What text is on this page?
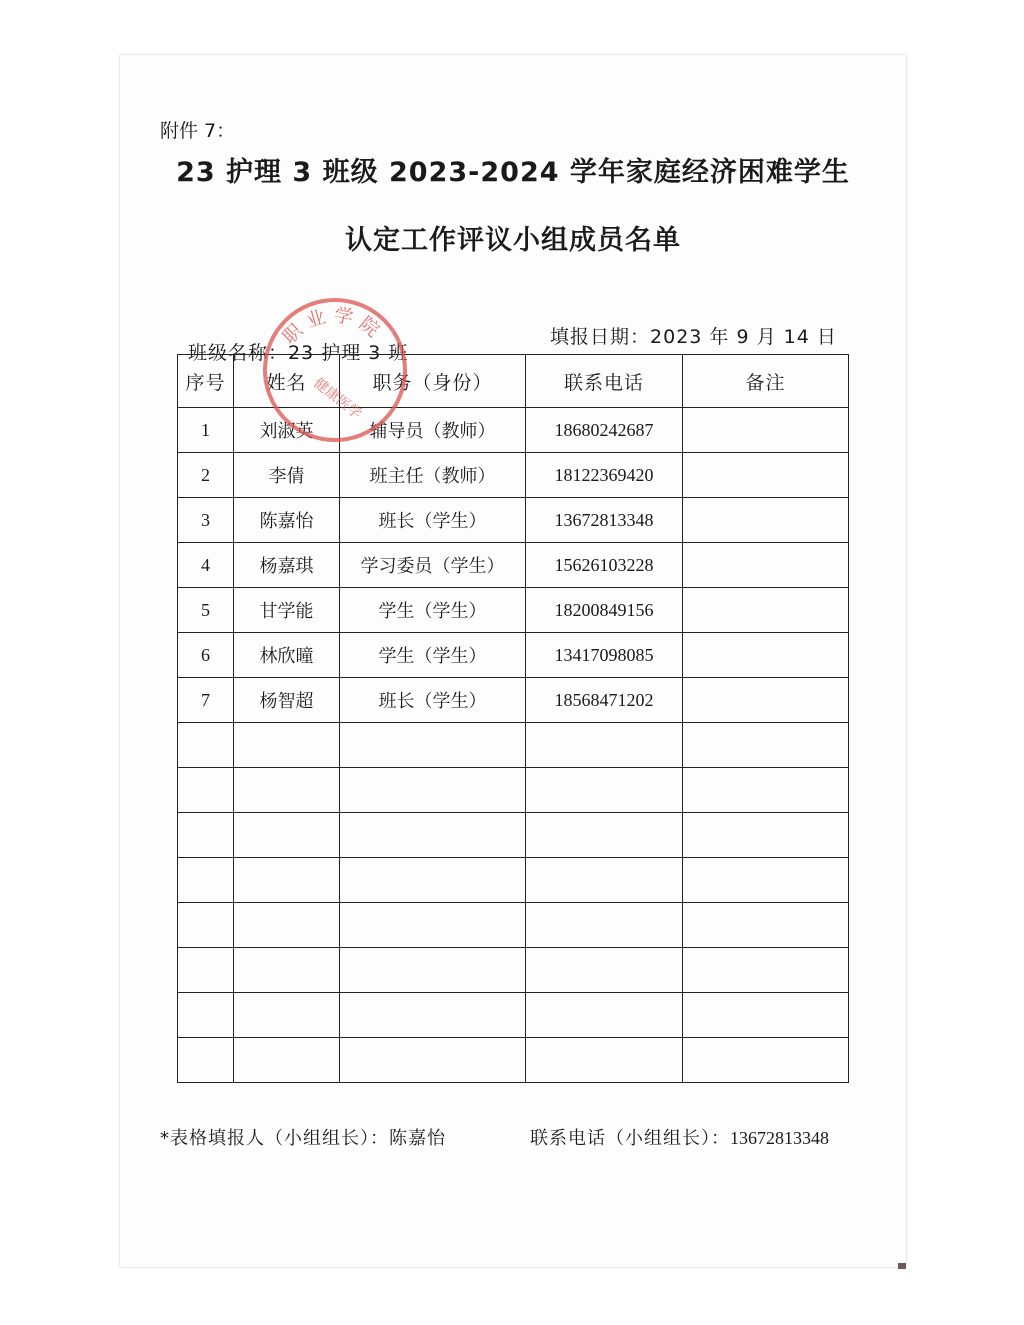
附件 7：
23 护理 3 班级 2023-2024 学年家庭经济困难学生
认定工作评议小组成员名单
班级名称：23 护理 3 班
填报日期：2023 年 9 月 14 日
职业学院
健康医学
序号	姓名	职务（身份）	联系电话	备注
1	刘淑英	辅导员（教师）	18680242687	
2	李倩	班主任（教师）	18122369420	
3	陈嘉怡	班长（学生）	13672813348	
4	杨嘉琪	学习委员（学生）	15626103228	
5	甘学能	学生（学生）	18200849156	
6	林欣曈	学生（学生）	13417098085	
7	杨智超	班长（学生）	18568471202	

*表格填报人（小组组长）：陈嘉怡	联系电话（小组组长）：13672813348
